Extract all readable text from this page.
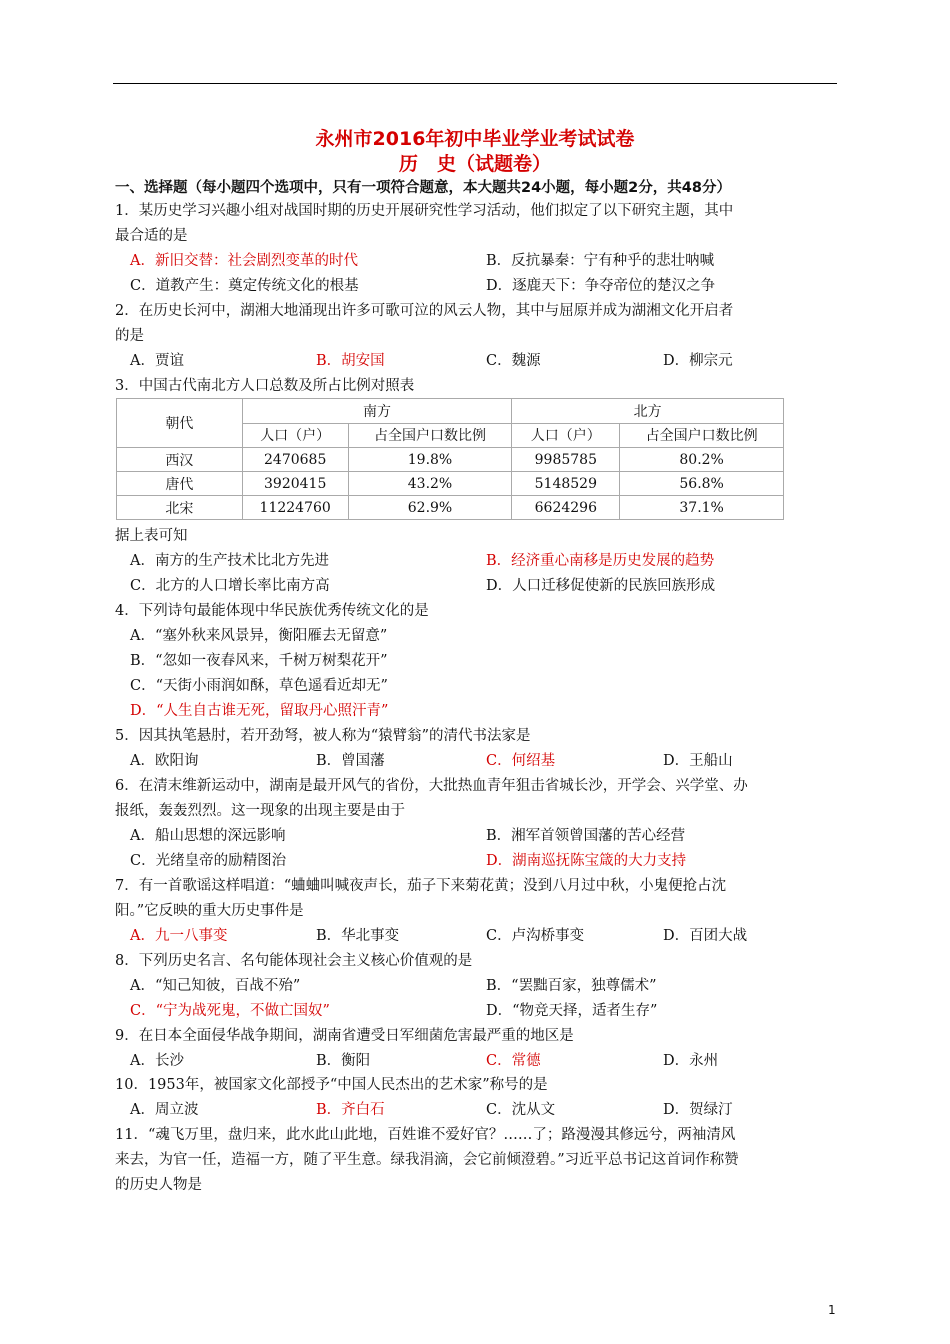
永州市2016年初中毕业学业考试试卷
历　史（试题卷）
一、选择题（每小题四个选项中，只有一项符合题意，本大题共24小题，每小题2分，共48分）
1．某历史学习兴趣小组对战国时期的历史开展研究性学习活动，他们拟定了以下研究主题，其中
最合适的是
A．新旧交替：社会剧烈变革的时代	B．反抗暴秦：宁有种乎的悲壮呐喊
C．道教产生：奠定传统文化的根基	D．逐鹿天下：争夺帝位的楚汉之争
2．在历史长河中，湖湘大地涌现出许多可歌可泣的风云人物，其中与屈原并成为湖湘文化开启者
的是
A．贾谊	B．胡安国	C．魏源	D．柳宗元
3．中国古代南北方人口总数及所占比例对照表
朝代	南方		北方	
	人口（户）	占全国户口数比例	人口（户）	占全国户口数比例
西汉	2470685	19.8%	9985785	80.2%
唐代	3920415	43.2%	5148529	56.8%
北宋	11224760	62.9%	6624296	37.1%
据上表可知
A．南方的生产技术比北方先进	B．经济重心南移是历史发展的趋势
C．北方的人口增长率比南方高	D．人口迁移促使新的民族回族形成
4．下列诗句最能体现中华民族优秀传统文化的是
A．“塞外秋来风景异，衡阳雁去无留意”
B．“忽如一夜春风来，千树万树梨花开”
C．“天街小雨润如酥，草色遥看近却无”
D．“人生自古谁无死，留取丹心照汗青”
5．因其执笔悬肘，若开劲弩，被人称为“猿臂翁”的清代书法家是
A．欧阳询	B．曾国藩	C．何绍基	D．王船山
6．在清末维新运动中，湖南是最开风气的省份，大批热血青年狙击省城长沙，开学会、兴学堂、办
报纸，轰轰烈烈。这一现象的出现主要是由于
A．船山思想的深远影响	B．湘军首领曾国藩的苦心经营
C．光绪皇帝的励精图治	D．湖南巡抚陈宝箴的大力支持
7．有一首歌谣这样唱道：“蛐蛐叫喊夜声长，茄子下来菊花黄；没到八月过中秋，小鬼便抢占沈
阳。”它反映的重大历史事件是
A．九一八事变	B．华北事变	C．卢沟桥事变	D．百团大战
8．下列历史名言、名句能体现社会主义核心价值观的是
A．“知己知彼，百战不殆”	B．“罢黜百家，独尊儒术”
C．“宁为战死鬼，不做亡国奴”	D．“物竞天择，适者生存”
9．在日本全面侵华战争期间，湖南省遭受日军细菌危害最严重的地区是
A．长沙	B．衡阳	C．常德	D．永州
10．1953年，被国家文化部授予“中国人民杰出的艺术家”称号的是
A．周立波	B．齐白石	C．沈从文	D．贺绿汀
11．“魂飞万里，盘归来，此水此山此地，百姓谁不爱好官？……了；路漫漫其修远兮，两袖清风
来去，为官一任，造福一方，随了平生意。绿我涓滴，会它前倾澄碧。”习近平总书记这首词作称赞
的历史人物是
1
